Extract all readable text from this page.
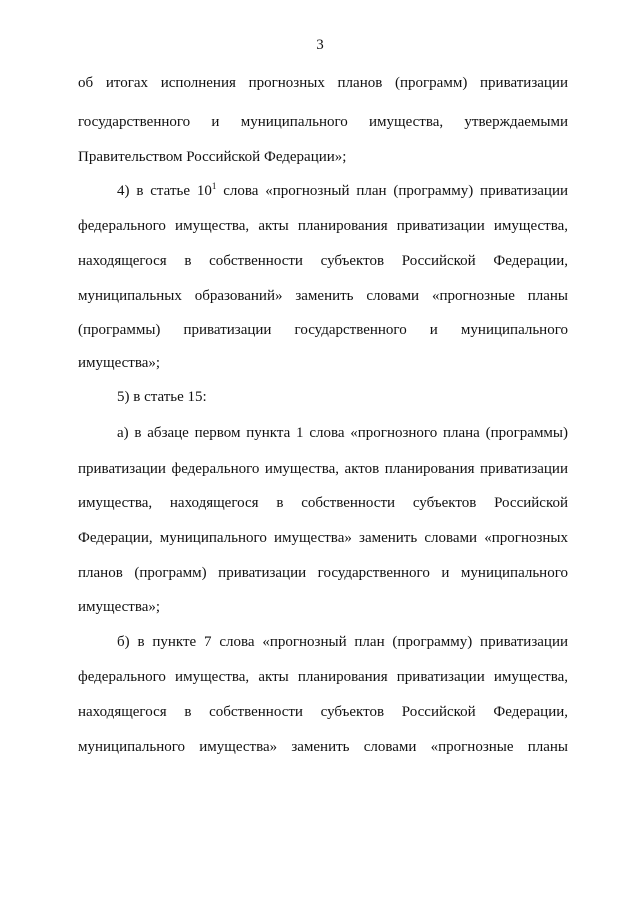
3
об итогах исполнения прогнозных планов (программ) приватизации
государственного и муниципального имущества, утверждаемыми
Правительством Российской Федерации»;
4) в статье $10^1$ слова «прогнозный план (программу) приватизации
федерального имущества, акты планирования приватизации имущества,
находящегося в собственности субъектов Российской Федерации,
муниципальных образований» заменить словами «прогнозные планы
(программы) приватизации государственного и муниципального
имущества»;
5) в статье 15:
а) в абзаце первом пункта 1 слова «прогнозного плана (программы)
приватизации федерального имущества, актов планирования приватизации
имущества, находящегося в собственности субъектов Российской
Федерации, муниципального имущества» заменить словами «прогнозных
планов (программ) приватизации государственного и муниципального
имущества»;
б) в пункте 7 слова «прогнозный план (программу) приватизации
федерального имущества, акты планирования приватизации имущества,
находящегося в собственности субъектов Российской Федерации,
муниципального имущества» заменить словами «прогнозные планы
